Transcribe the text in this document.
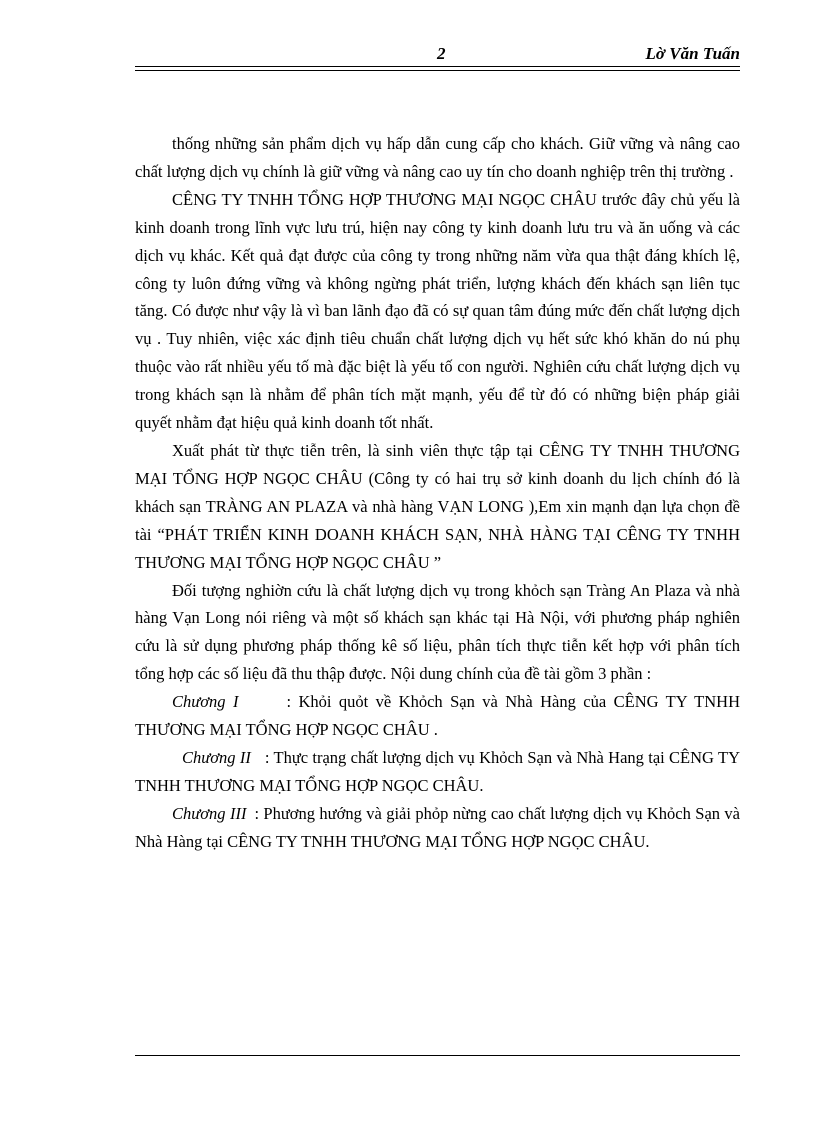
2	Lờ Văn Tuấn

thống những sản phẩm dịch vụ hấp dẫn cung cấp cho khách. Giữ vững và nâng cao chất lượng dịch vụ chính là giữ vững và nâng cao uy tín cho doanh nghiệp trên thị trường .

CÊNG TY TNHH TỔNG HỢP THƯƠNG MẠI NGỌC CHÂU trước đây chủ yếu là kinh doanh trong lĩnh vực lưu trú, hiện nay công ty kinh doanh lưu tru và ăn uống và các dịch vụ khác. Kết quả đạt được của công ty trong những năm vừa qua thật đáng khích lệ, công ty luôn đứng vững và không ngừng phát triển, lượng khách đến khách sạn liên tục tăng. Có được như vậy là vì ban lãnh đạo đã có sự quan tâm đúng mức đến chất lượng dịch vụ . Tuy nhiên, việc xác định tiêu chuẩn chất lượng dịch vụ hết sức khó khăn do nú phụ thuộc vào rất nhiều yếu tố mà đặc biệt là yếu tố con người. Nghiên cứu chất lượng dịch vụ trong khách sạn là nhằm để phân tích mặt mạnh, yếu để từ đó có những biện pháp giải quyết nhằm đạt hiệu quả kinh doanh tốt nhất.

Xuất phát từ thực tiễn trên, là sinh viên thực tập tại CÊNG TY TNHH THƯƠNG MẠI TỔNG HỢP NGỌC CHÂU (Công ty có hai trụ sở kinh doanh du lịch chính đó là khách sạn TRÀNG AN PLAZA và nhà hàng VẠN LONG ),Em xin mạnh dạn lựa chọn đề tài “PHÁT TRIỂN KINH DOANH KHÁCH SẠN, NHÀ HÀNG TẠI CÊNG TY TNHH THƯƠNG MẠI TỔNG HỢP NGỌC CHÂU ”

Đối tượng nghiờn cứu là chất lượng dịch vụ trong khỏch sạn Tràng An Plaza và nhà hàng Vạn Long nói riêng và một số khách sạn khác tại Hà Nội, với phương pháp nghiên cứu là sử dụng phương pháp thống kê số liệu, phân tích thực tiễn kết hợp với phân tích tổng hợp các số liệu đã thu thập được. Nội dung chính của đề tài gồm 3 phần :

Chương I	: Khỏi quỏt về Khỏch Sạn và Nhà Hàng của CÊNG TY TNHH THƯƠNG MẠI TỔNG HỢP NGỌC CHÂU .

Chương II : Thực trạng chất lượng dịch vụ Khỏch Sạn và Nhà Hang tại CÊNG TY TNHH THƯƠNG MẠI TỔNG HỢP NGỌC CHÂU.

Chương III : Phương hướng và giải phỏp nừng cao chất lượng dịch vụ Khỏch Sạn và Nhà Hàng tại CÊNG TY TNHH THƯƠNG MẠI TỔNG HỢP NGỌC CHÂU.
